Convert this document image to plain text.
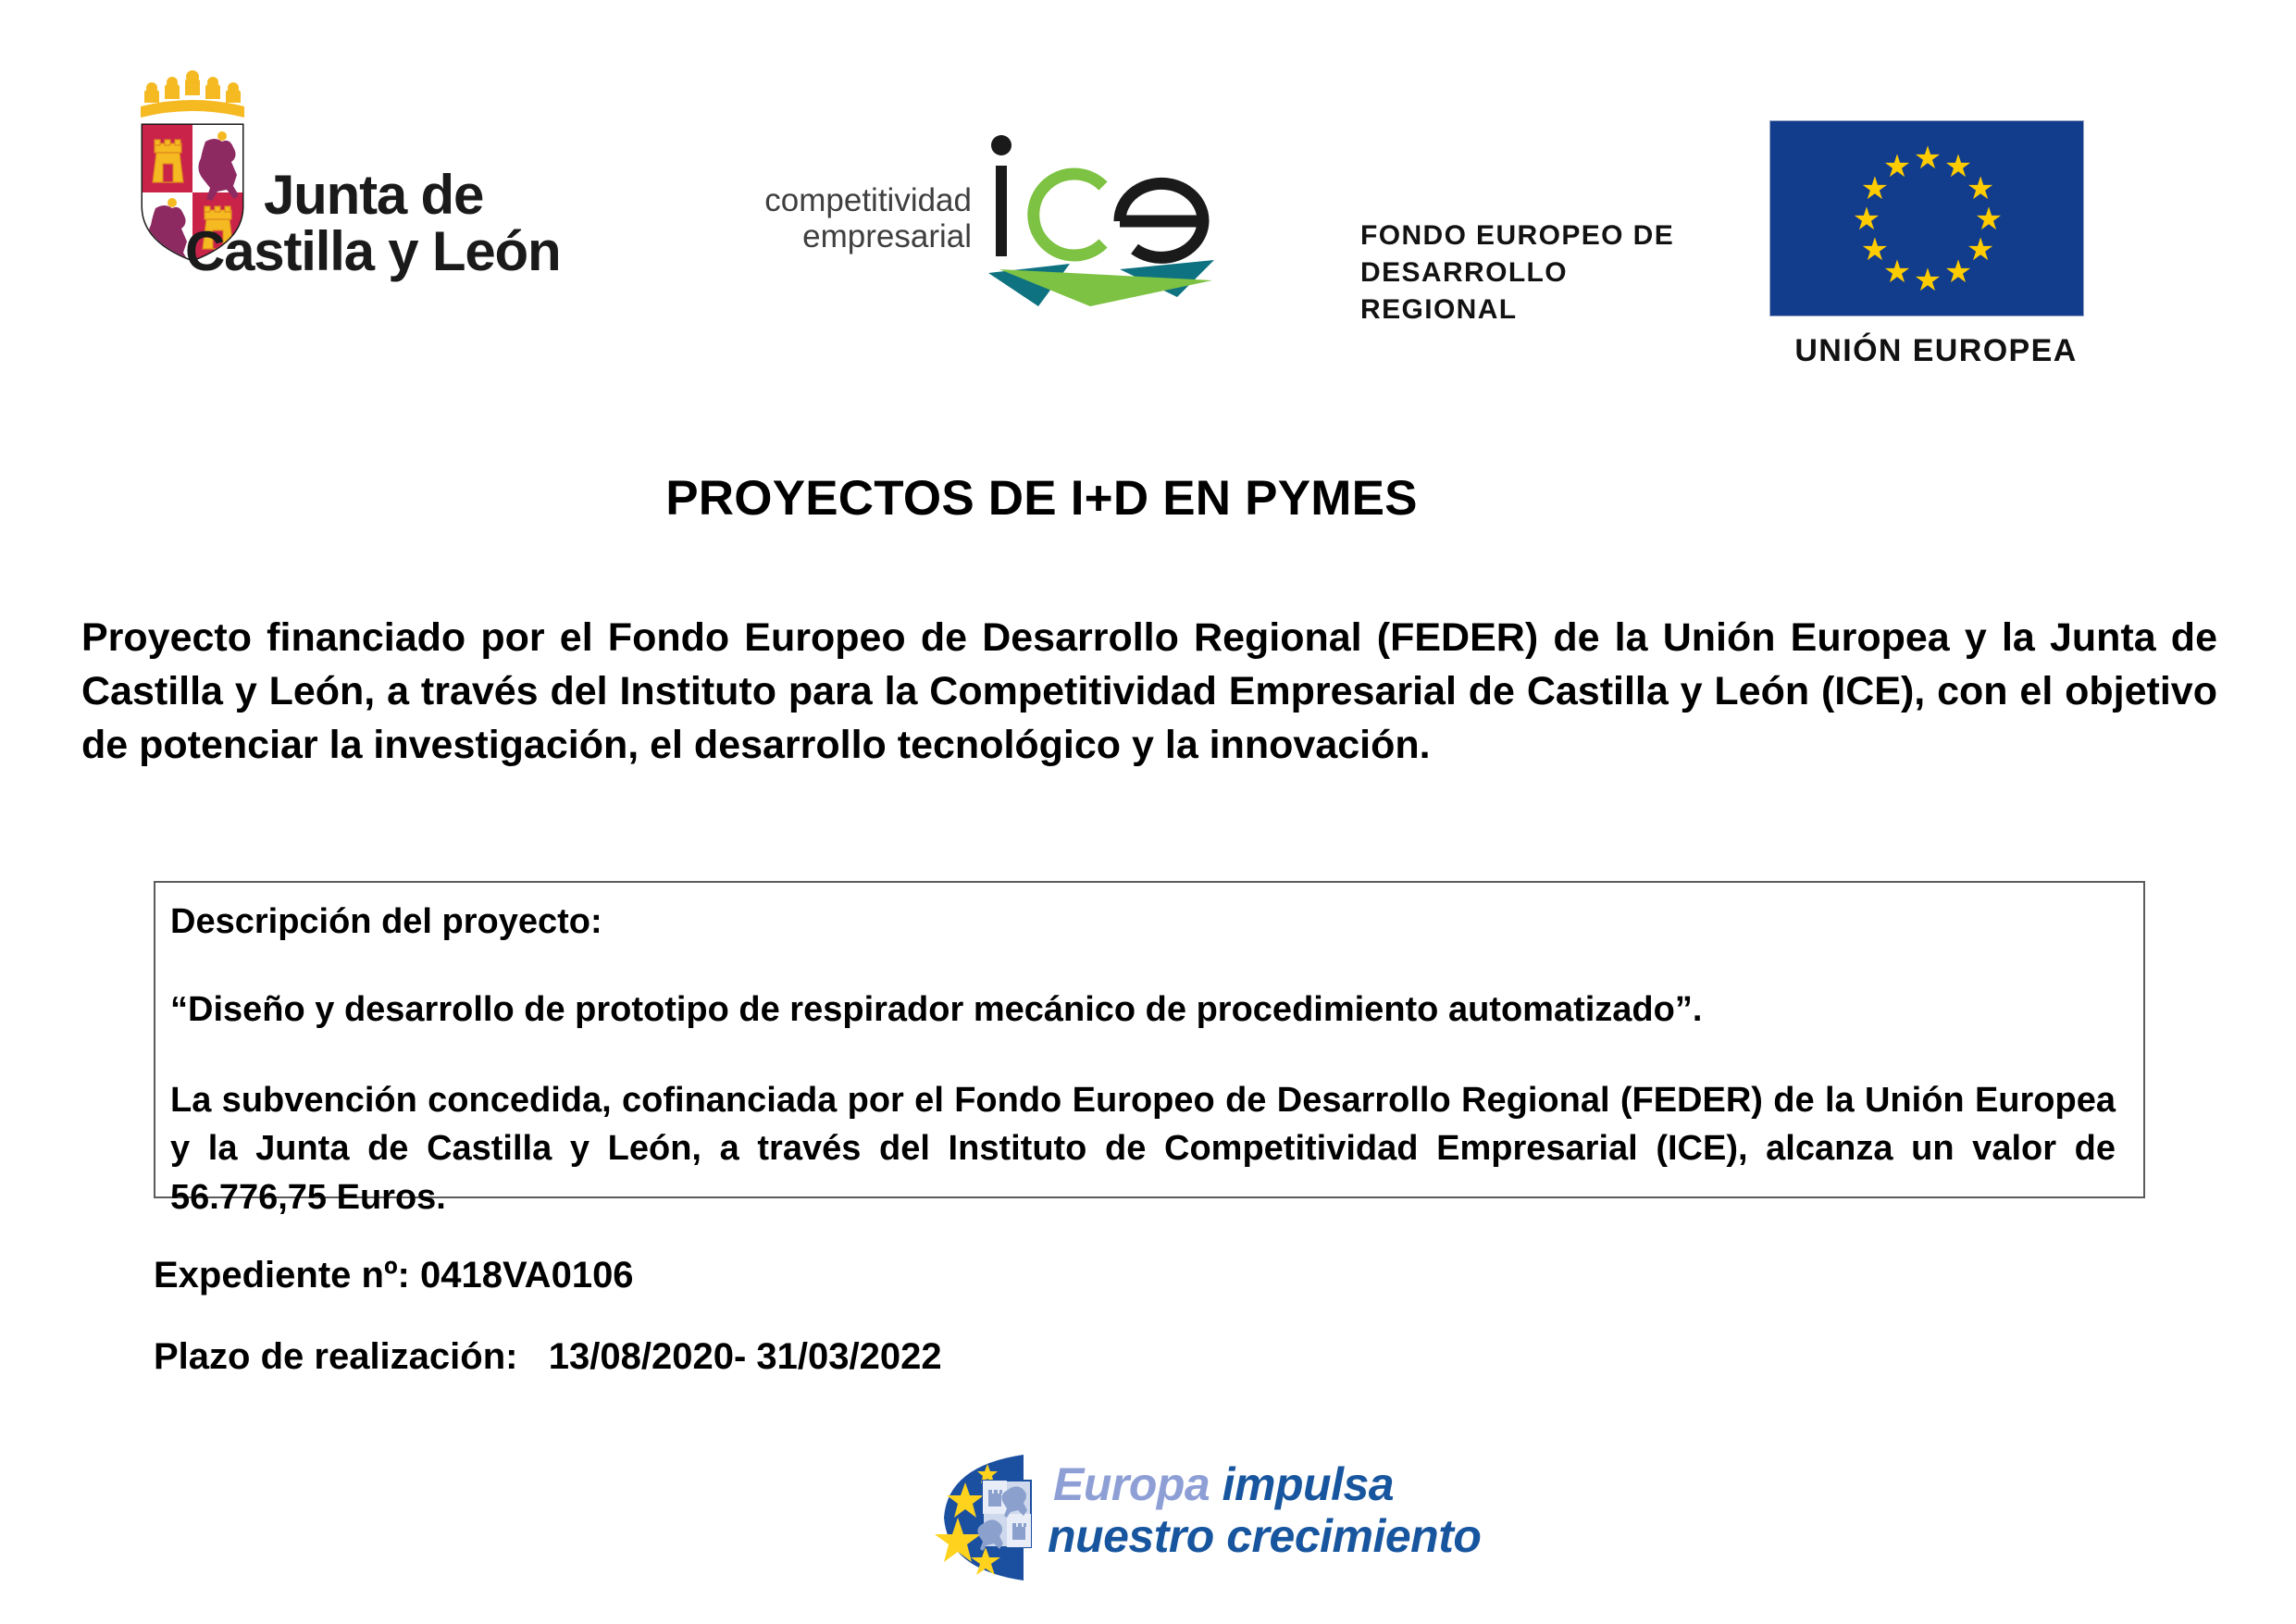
Junta de
Castilla y León
competitividad
empresarial	FONDO EUROPEO DE
DESARROLLO
REGIONAL
★ ★
★
★
★
★
★
★
★
★
★
★
UNIÓN EUROPEA
PROYECTOS DE I+D EN PYMES
Proyecto financiado por el Fondo Europeo de Desarrollo Regional (FEDER) de la Unión Europea y la Junta de Castilla y León, a través del Instituto para la Competitividad Empresarial de Castilla y León (ICE), con el objetivo de potenciar la investigación, el desarrollo tecnológico y la innovación.

Descripción del proyecto:

“Diseño y desarrollo de prototipo de respirador mecánico de procedimiento automatizado”.

La subvención concedida, cofinanciada por el Fondo Europeo de Desarrollo Regional (FEDER) de la Unión Europea y la Junta de Castilla y León, a través del Instituto de Competitividad Empresarial (ICE), alcanza un valor de 56.776,75 Euros.

Expediente nº: 0418VA0106
Plazo de realización:   13/08/2020- 31/03/2022
Europa impulsa
nuestro crecimiento
